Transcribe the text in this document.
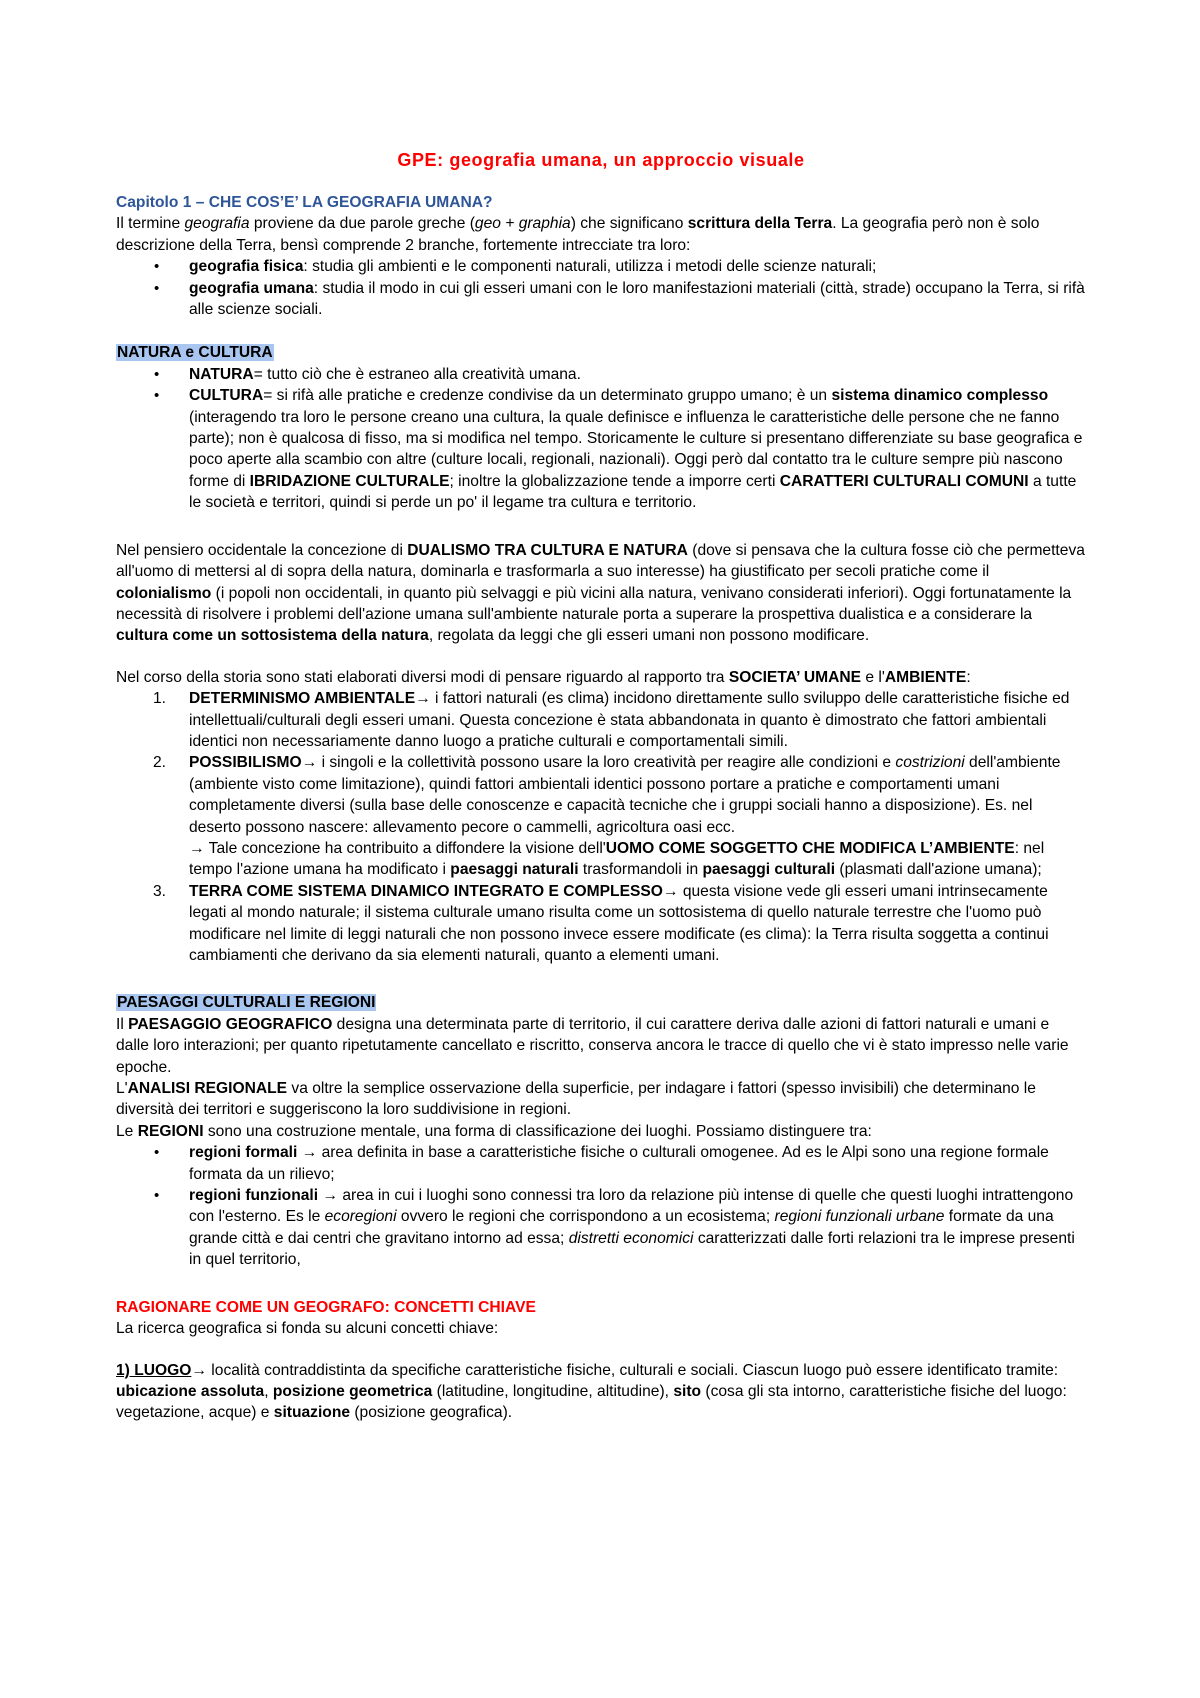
GPE: geografia umana, un approccio visuale

Capitolo 1 – CHE COS’E’ LA GEOGRAFIA UMANA?

Il termine geografia proviene da due parole greche (geo + graphia) che significano scrittura della Terra. La geografia però non è solo descrizione della Terra, bensì comprende 2 branche, fortemente intrecciate tra loro:

• geografia fisica: studia gli ambienti e le componenti naturali, utilizza i metodi delle scienze naturali;
• geografia umana: studia il modo in cui gli esseri umani con le loro manifestazioni materiali (città, strade) occupano la Terra, si rifà alle scienze sociali.

NATURA e CULTURA

• NATURA= tutto ciò che è estraneo alla creatività umana.
• CULTURA= si rifà alle pratiche e credenze condivise da un determinato gruppo umano; è un sistema dinamico complesso (interagendo tra loro le persone creano una cultura, la quale definisce e influenza le caratteristiche delle persone che ne fanno parte); non è qualcosa di fisso, ma si modifica nel tempo. Storicamente le culture si presentano differenziate su base geografica e poco aperte alla scambio con altre (culture locali, regionali, nazionali). Oggi però dal contatto tra le culture sempre più nascono forme di IBRIDAZIONE CULTURALE; inoltre la globalizzazione tende a imporre certi CARATTERI CULTURALI COMUNI a tutte le società e territori, quindi si perde un po' il legame tra cultura e territorio.

Nel pensiero occidentale la concezione di DUALISMO TRA CULTURA E NATURA (dove si pensava che la cultura fosse ciò che permetteva all'uomo di mettersi al di sopra della natura, dominarla e trasformarla a suo interesse) ha giustificato per secoli pratiche come il colonialismo (i popoli non occidentali, in quanto più selvaggi e più vicini alla natura, venivano considerati inferiori). Oggi fortunatamente la necessità di risolvere i problemi dell'azione umana sull'ambiente naturale porta a superare la prospettiva dualistica e a considerare la cultura come un sottosistema della natura, regolata da leggi che gli esseri umani non possono modificare.

Nel corso della storia sono stati elaborati diversi modi di pensare riguardo al rapporto tra SOCIETA’ UMANE e l'AMBIENTE:

1. DETERMINISMO AMBIENTALE→ i fattori naturali (es clima) incidono direttamente sullo sviluppo delle caratteristiche fisiche ed intellettuali/culturali degli esseri umani. Questa concezione è stata abbandonata in quanto è dimostrato che fattori ambientali identici non necessariamente danno luogo a pratiche culturali e comportamentali simili.
2. POSSIBILISMO→ i singoli e la collettività possono usare la loro creatività per reagire alle condizioni e costrizioni dell'ambiente (ambiente visto come limitazione), quindi fattori ambientali identici possono portare a pratiche e comportamenti umani completamente diversi (sulla base delle conoscenze e capacità tecniche che i gruppi sociali hanno a disposizione). Es. nel deserto possono nascere: allevamento pecore o cammelli, agricoltura oasi ecc.
→ Tale concezione ha contribuito a diffondere la visione dell'UOMO COME SOGGETTO CHE MODIFICA L’AMBIENTE: nel tempo l'azione umana ha modificato i paesaggi naturali trasformandoli in paesaggi culturali (plasmati dall'azione umana);
3. TERRA COME SISTEMA DINAMICO INTEGRATO E COMPLESSO→ questa visione vede gli esseri umani intrinsecamente legati al mondo naturale; il sistema culturale umano risulta come un sottosistema di quello naturale terrestre che l'uomo può modificare nel limite di leggi naturali che non possono invece essere modificate (es clima): la Terra risulta soggetta a continui cambiamenti che derivano da sia elementi naturali, quanto a elementi umani.

PAESAGGI CULTURALI E REGIONI

Il PAESAGGIO GEOGRAFICO designa una determinata parte di territorio, il cui carattere deriva dalle azioni di fattori naturali e umani e dalle loro interazioni; per quanto ripetutamente cancellato e riscritto, conserva ancora le tracce di quello che vi è stato impresso nelle varie epoche.

L'ANALISI REGIONALE va oltre la semplice osservazione della superficie, per indagare i fattori (spesso invisibili) che determinano le diversità dei territori e suggeriscono la loro suddivisione in regioni.

Le REGIONI sono una costruzione mentale, una forma di classificazione dei luoghi. Possiamo distinguere tra:

• regioni formali → area definita in base a caratteristiche fisiche o culturali omogenee. Ad es le Alpi sono una regione formale formata da un rilievo;
• regioni funzionali → area in cui i luoghi sono connessi tra loro da relazione più intense di quelle che questi luoghi intrattengono con l'esterno. Es le ecoregioni ovvero le regioni che corrispondono a un ecosistema; regioni funzionali urbane formate da una grande città e dai centri che gravitano intorno ad essa; distretti economici caratterizzati dalle forti relazioni tra le imprese presenti in quel territorio,

RAGIONARE COME UN GEOGRAFO: CONCETTI CHIAVE

La ricerca geografica si fonda su alcuni concetti chiave:

1) LUOGO→ località contraddistinta da specifiche caratteristiche fisiche, culturali e sociali. Ciascun luogo può essere identificato tramite: ubicazione assoluta, posizione geometrica (latitudine, longitudine, altitudine), sito (cosa gli sta intorno, caratteristiche fisiche del luogo: vegetazione, acque) e situazione (posizione geografica).
